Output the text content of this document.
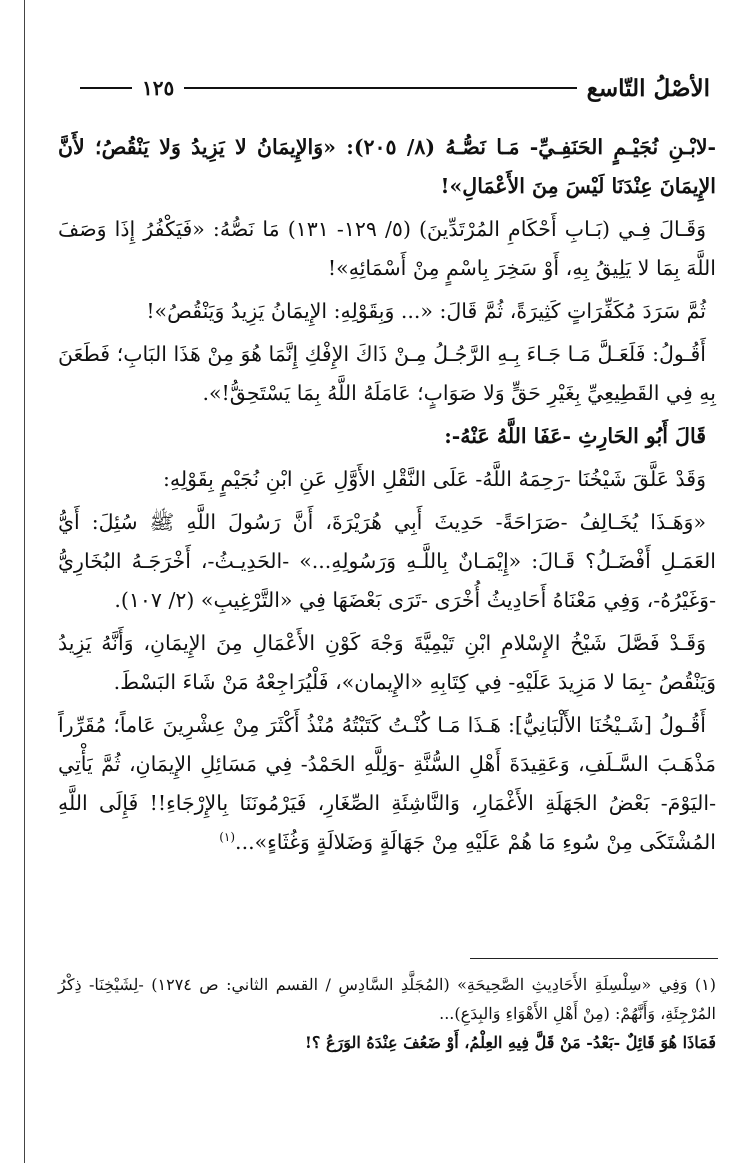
الأصْلُ التّاسع
١٢٥

-لابْـنِ نُجَيْـمٍ الحَنَفِـيِّ- مَـا نَصُّـهُ (٨/ ٢٠٥): «وَالإِيمَانُ لا يَزِيدُ وَلا يَنْقُصُ؛ لأَنَّ الإِيمَانَ عِنْدَنَا لَيْسَ مِنَ الأَعْمَالِ»!

وَقَـالَ فِـي (بَـابِ أَحْكَامِ المُرْتَدِّينَ) (٥/ ١٢٩- ١٣١) مَا نَصُّهُ: «فَيَكْفُرُ إِذَا وَصَفَ اللَّهَ بِمَا لا يَلِيقُ بِهِ، أَوْ سَخِرَ بِاسْمٍ مِنْ أَسْمَائِهِ»!

ثُمَّ سَرَدَ مُكَفِّرَاتٍ كَثِيرَةً، ثُمَّ قَالَ: «... وَبِقَوْلِهِ: الإِيمَانُ يَزِيدُ وَيَنْقُصُ»!

أَقُـولُ: فَلَعَـلَّ مَـا جَـاءَ بِـهِ الرَّجُـلُ مِـنْ ذَاكَ الإِفْكِ إِنَّمَا هُوَ مِنْ هَذَا البَابِ؛ فَطَعَنَ بِهِ فِي القَطِيعِيِّ بِغَيْرِ حَقٍّ وَلا صَوَابٍ؛ عَامَلَهُ اللَّهُ بِمَا يَسْتَحِقُّ!».

قَالَ أَبُو الحَارِثِ -عَفَا اللَّهُ عَنْهُ-:

وَقَدْ عَلَّقَ شَيْخُنَا -رَحِمَهُ اللَّهُ- عَلَى النَّقْلِ الأَوَّلِ عَنِ ابْنِ نُجَيْمٍ بِقَوْلِهِ:

«وَهَـذَا يُخَـالِفُ -صَرَاحَةً- حَدِيثَ أَبِي هُرَيْرَةَ، أَنَّ رَسُولَ اللَّهِ ﷺ سُئِلَ: أَيُّ العَمَـلِ أَفْضَـلُ؟ قَـالَ: «إِيْمَـانٌ بِاللَّـهِ وَرَسُولِهِ...» -الحَدِيـثُ-، أَخْرَجَـهُ البُخَارِيُّ -وَغَيْرُهُ-، وَفِي مَعْنَاهُ أَحَادِيثُ أُخْرَى -تَرَى بَعْضَهَا فِي «التَّرْغِيبِ» (٢/ ١٠٧).

وَقَـدْ فَصَّلَ شَيْخُ الإِسْلامِ ابْنِ تَيْمِيَّةَ وَجْهَ كَوْنِ الأَعْمَالِ مِنَ الإِيمَانِ، وَأَنَّهُ يَزِيدُ وَيَنْقُصُ -بِمَا لا مَزِيدَ عَلَيْهِ- فِي كِتَابِهِ «الإِيمان»، فَلْيُرَاجِعْهُ مَنْ شَاءَ البَسْطَ.

أَقُـولُ [شَـيْخُنَا الأَلْبَانِيُّ]: هَـذَا مَـا كُنْـتُ كَتَبْتُهُ مُنْذُ أَكْثَرَ مِنْ عِشْرِينَ عَاماً؛ مُقَرِّراً مَذْهَـبَ السَّـلَفِ، وَعَقِيدَةَ أَهْلِ السُّنَّةِ -وَلِلَّهِ الحَمْدُ- فِي مَسَائِلِ الإِيمَانِ، ثُمَّ يَأْتِي -اليَوْمَ- بَعْضُ الجَهَلَةِ الأَغْمَارِ، وَالنَّاشِئَةِ الصِّغَارِ، فَيَرْمُونَنَا بِالإِرْجَاءِ!! فَإِلَى اللَّهِ المُشْتَكَى مِنْ سُوءِ مَا هُمْ عَلَيْهِ مِنْ جَهَالَةٍ وَضَلالَةٍ وَغُثَاءٍ»...$^{(١)}$

(١) وَفِي «سِلْسِلَةِ الأَحَادِيثِ الصَّحِيحَةِ» (المُجَلَّدِ السَّادِسِ / القسم الثاني: ص ١٢٧٤) -لِشَيْخِنَا- ذِكْرُ المُرْجِئَةِ، وَأَنَّهُمْ: (مِنْ أَهْلِ الأَهْوَاءِ وَالبِدَعِ)...

فَمَاذَا هُوَ قَائِلٌ -بَعْدُ- مَنْ قَلَّ فِيهِ العِلْمُ، أَوْ ضَعُفَ عِنْدَهُ الوَرَعُ ؟!
